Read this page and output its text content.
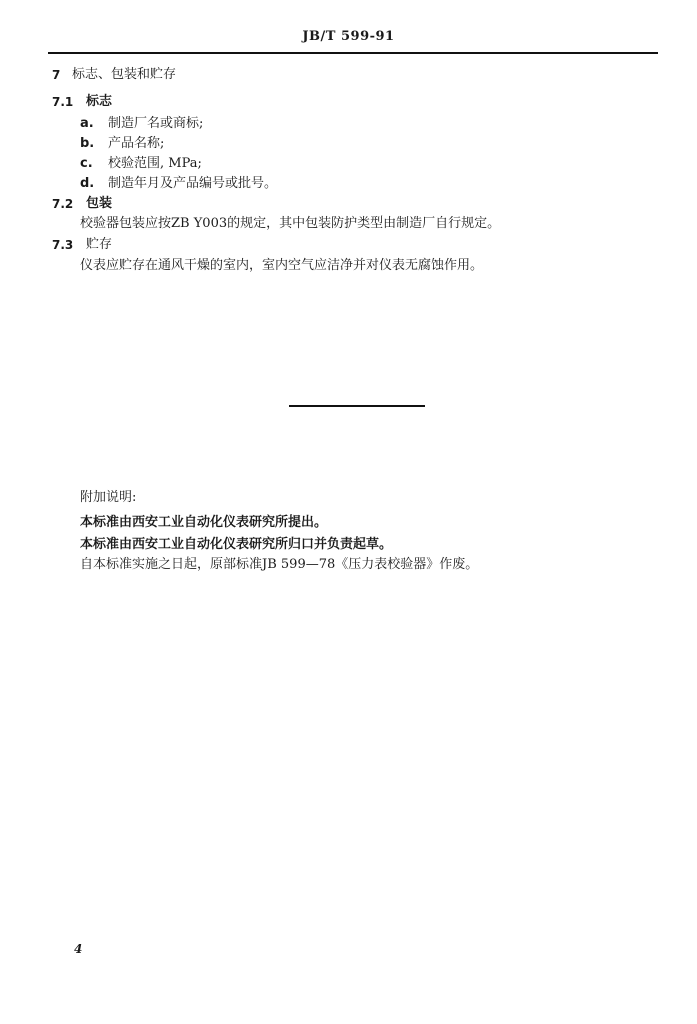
JB/T 599-91
7 标志、包装和贮存
7.1 标志
a. 制造厂名或商标;
b. 产品名称;
c. 校验范围, MPa;
d. 制造年月及产品编号或批号。
7.2 包装
校验器包装应按ZB Y003的规定，其中包装防护类型由制造厂自行规定。
7.3 贮存
仪表应贮存在通风干燥的室内，室内空气应洁净并对仪表无腐蚀作用。
附加说明:
本标准由西安工业自动化仪表研究所提出。
本标准由西安工业自动化仪表研究所归口并负责起草。
自本标准实施之日起，原部标准JB 599—78《压力表校验器》作废。
4
